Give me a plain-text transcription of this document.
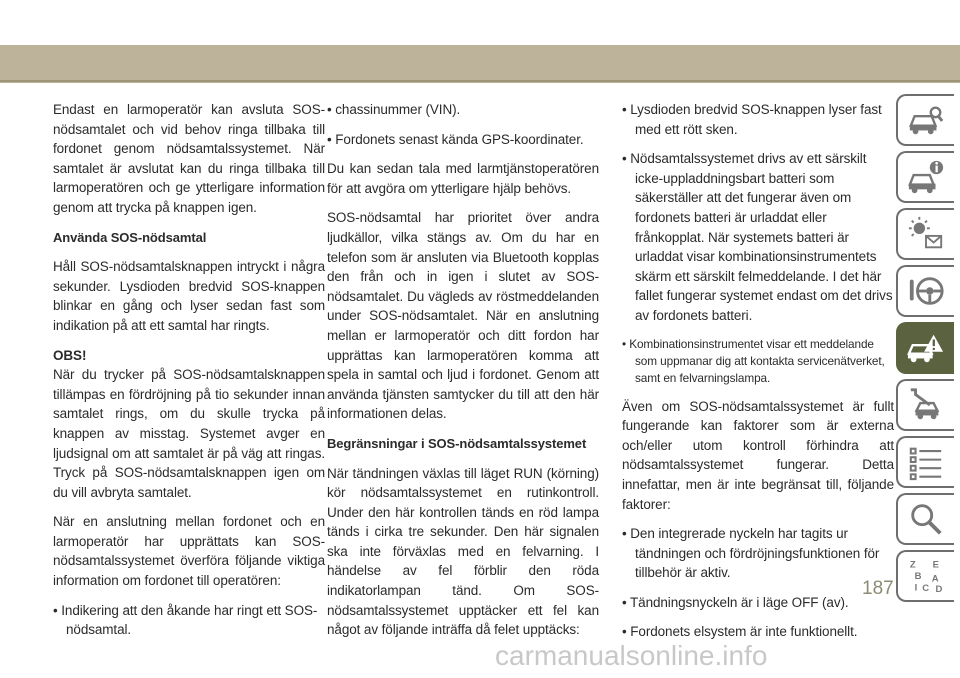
Endast en larmoperatör kan avsluta SOS-nödsamtalet och vid behov ringa tillbaka till fordonet genom nödsamtalssystemet. När samtalet är avslutat kan du ringa tillbaka till larmoperatören och ge ytterligare information genom att trycka på knappen igen.

Använda SOS-nödsamtal

Håll SOS-nödsamtalsknappen intryckt i några sekunder. Lysdioden bredvid SOS-knappen blinkar en gång och lyser sedan fast som indikation på att ett samtal har ringts.

OBS!

När du trycker på SOS-nödsamtalsknappen tillämpas en fördröjning på tio sekunder innan samtalet rings, om du skulle trycka på knappen av misstag. Systemet avger en ljudsignal om att samtalet är på väg att ringas. Tryck på SOS-nödsamtalsknappen igen om du vill avbryta samtalet.

När en anslutning mellan fordonet och en larmoperatör har upprättats kan SOS-nödsamtalssystemet överföra följande viktiga information om fordonet till operatören:

• Indikering att den åkande har ringt ett SOS-nödsamtal.

• chassinummer (VIN).

• Fordonets senast kända GPS-koordinater.

Du kan sedan tala med larmtjänstoperatören för att avgöra om ytterligare hjälp behövs.

SOS-nödsamtal har prioritet över andra ljudkällor, vilka stängs av. Om du har en telefon som är ansluten via Bluetooth kopplas den från och in igen i slutet av SOS-nödsamtalet. Du vägleds av röstmeddelanden under SOS-nödsamtalet. När en anslutning mellan er larmoperatör och ditt fordon har upprättas kan larmoperatören komma att spela in samtal och ljud i fordonet. Genom att använda tjänsten samtycker du till att den här informationen delas.

Begränsningar i SOS-nödsamtalssystemet

När tändningen växlas till läget RUN (körning) kör nödsamtalssystemet en rutinkontroll. Under den här kontrollen tänds en röd lampa tänds i cirka tre sekunder. Den här signalen ska inte förväxlas med en felvarning. I händelse av fel förblir den röda indikatorlampan tänd. Om SOS-nödsamtalssystemet upptäcker ett fel kan något av följande inträffa då felet upptäcks:

• Lysdioden bredvid SOS-knappen lyser fast med ett rött sken.

• Nödsamtalssystemet drivs av ett särskilt icke-uppladdningsbart batteri som säkerställer att det fungerar även om fordonets batteri är urladdat eller frånkopplat. När systemets batteri är urladdat visar kombinationsinstrumentets skärm ett särskilt felmeddelande. I det här fallet fungerar systemet endast om det drivs av fordonets batteri.

• Kombinationsinstrumentet visar ett meddelande som uppmanar dig att kontakta servicenätverket, samt en felvarningslampa.

Även om SOS-nödsamtalssystemet är fullt fungerande kan faktorer som är externa och/eller utom kontroll förhindra att nödsamtalssystemet fungerar. Detta innefattar, men är inte begränsat till, följande faktorer:

• Den integrerade nyckeln har tagits ur tändningen och fördröjningsfunktionen för tillbehör är aktiv.

• Tändningsnyckeln är i läge OFF (av).

• Fordonets elsystem är inte funktionellt.

Z E
B A
I C D
187
carmanualsonline.info
